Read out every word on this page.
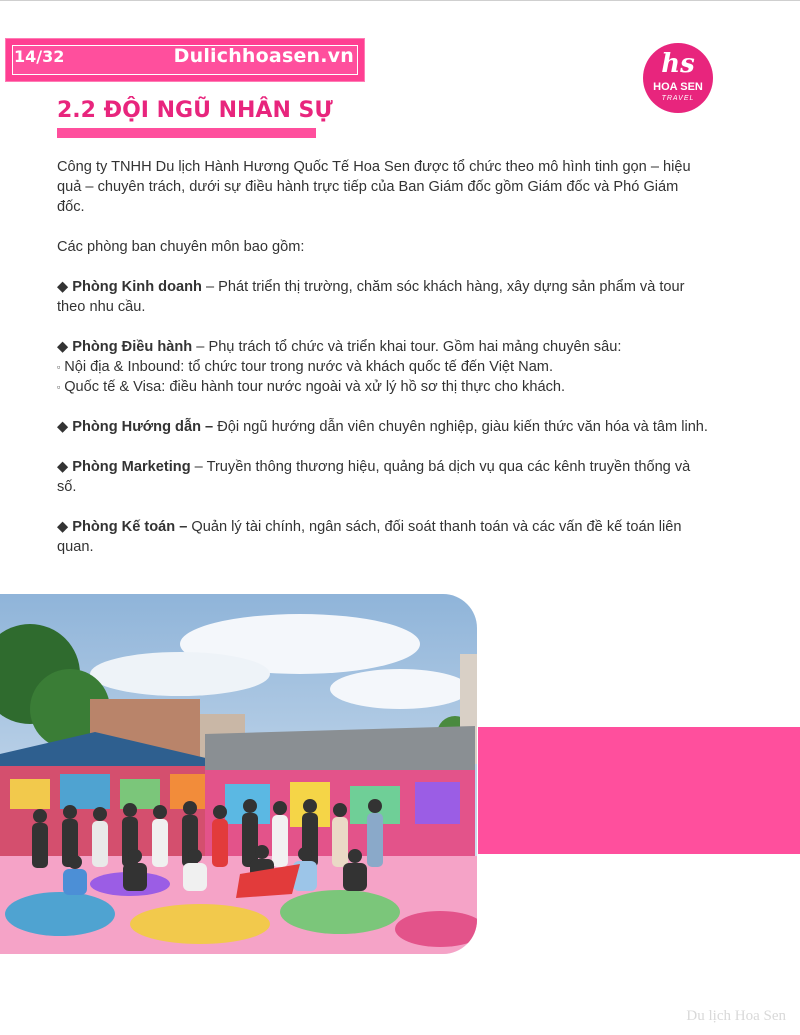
14/32	Dulichhoasen.vn	hs
HOA SEN
TRAVEL
2.2 ĐỘI NGŨ NHÂN SỰ

Công ty TNHH Du lịch Hành Hương Quốc Tế Hoa Sen được tổ chức theo mô hình tinh gọn – hiệu quả – chuyên trách, dưới sự điều hành trực tiếp của Ban Giám đốc gồm Giám đốc và Phó Giám đốc.

Các phòng ban chuyên môn bao gồm:

◆ Phòng Kinh doanh – Phát triển thị trường, chăm sóc khách hàng, xây dựng sản phẩm và tour theo nhu cầu.
◆ Phòng Điều hành – Phụ trách tổ chức và triển khai tour. Gồm hai mảng chuyên sâu:

▫ Nội địa & Inbound: tổ chức tour trong nước và khách quốc tế đến Việt Nam.

▫ Quốc tế & Visa: điều hành tour nước ngoài và xử lý hồ sơ thị thực cho khách.

◆ Phòng Hướng dẫn – Đội ngũ hướng dẫn viên chuyên nghiệp, giàu kiến thức văn hóa và tâm linh.
◆ Phòng Marketing – Truyền thông thương hiệu, quảng bá dịch vụ qua các kênh truyền thống và số.
◆ Phòng Kế toán – Quản lý tài chính, ngân sách, đối soát thanh toán và các vấn đề kế toán liên quan.
Du lịch Hoa Sen
